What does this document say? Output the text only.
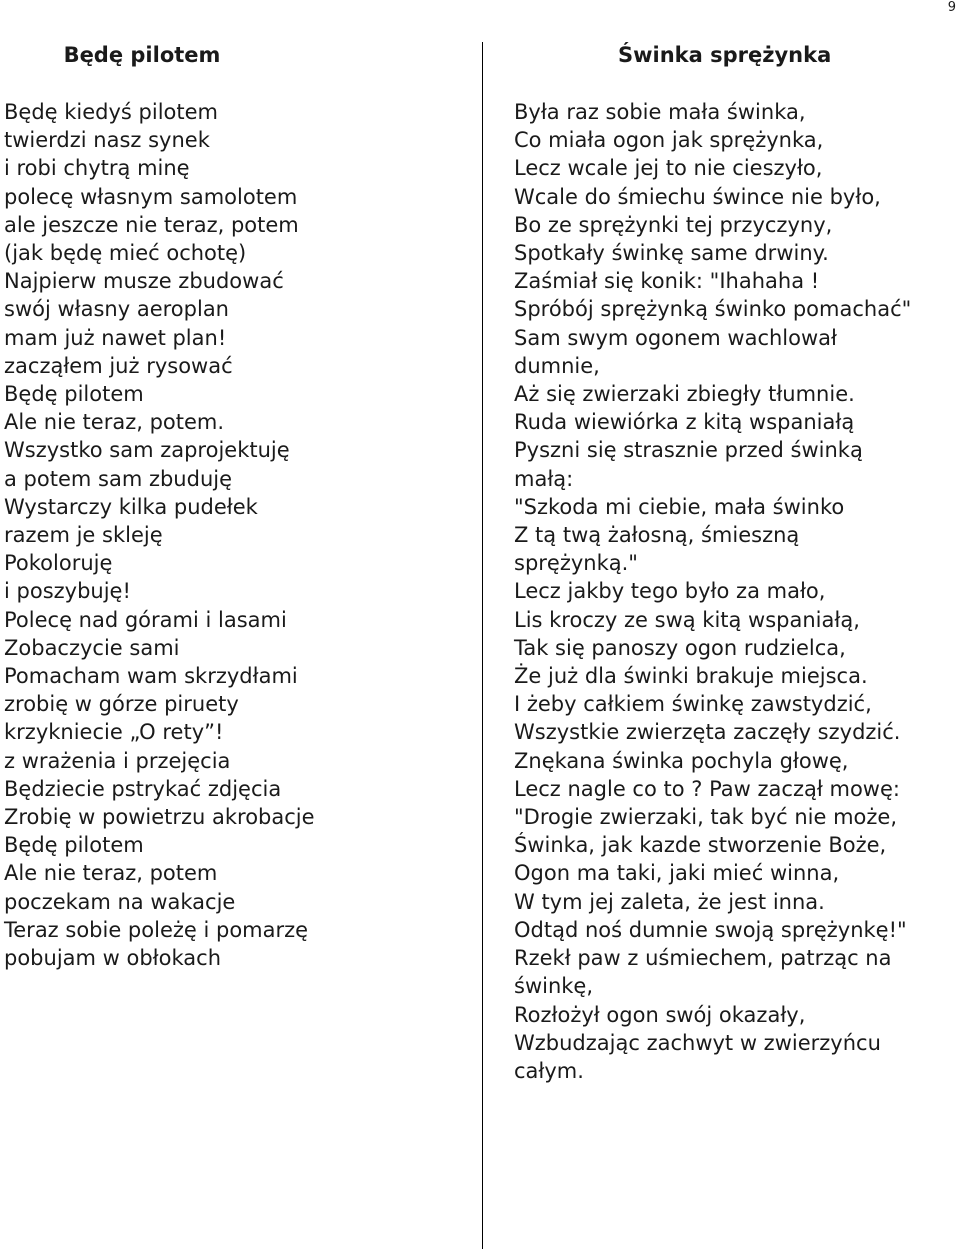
9
Będę pilotem
Będę kiedyś pilotem
twierdzi nasz synek
i robi chytrą minę
polecę własnym samolotem
ale jeszcze nie teraz, potem
(jak będę mieć ochotę)
Najpierw musze zbudować
swój własny aeroplan
mam już nawet plan!
zacząłem już rysować
Będę pilotem
Ale nie teraz, potem.
Wszystko sam zaprojektuję
a potem sam zbuduję
Wystarczy kilka pudełek
razem je skleję
Pokoloruję
i poszybuję!
Polecę nad górami i lasami
Zobaczycie sami
Pomacham wam skrzydłami
zrobię w górze piruety
krzykniecie „O rety”!
z wrażenia i przejęcia
Będziecie pstrykać zdjęcia
Zrobię w powietrzu akrobacje
Będę pilotem
Ale nie teraz, potem
poczekam na wakacje
Teraz sobie poleżę i pomarzę
pobujam w obłokach
Świnka sprężynka
Była raz sobie mała świnka,
Co miała ogon jak sprężynka,
Lecz wcale jej to nie cieszyło,
Wcale do śmiechu śwince nie było,
Bo ze sprężynki tej przyczyny,
Spotkały świnkę same drwiny.
Zaśmiał się konik: "Ihahaha !
Spróbój sprężynką świnko pomachać"
Sam swym ogonem wachlował
dumnie,
Aż się zwierzaki zbiegły tłumnie.
Ruda wiewiórka z kitą wspaniałą
Pyszni się strasznie przed świnką
małą:
"Szkoda mi ciebie, mała świnko
Z tą twą żałosną, śmieszną
sprężynką."
Lecz jakby tego było za mało,
Lis kroczy ze swą kitą wspaniałą,
Tak się panoszy ogon rudzielca,
Że już dla świnki brakuje miejsca.
I żeby całkiem świnkę zawstydzić,
Wszystkie zwierzęta zaczęły szydzić.
Znękana świnka pochyla głowę,
Lecz nagle co to ? Paw zaczął mowę:
"Drogie zwierzaki, tak być nie może,
Świnka, jak kazde stworzenie Boże,
Ogon ma taki, jaki mieć winna,
W tym jej zaleta, że jest inna.
Odtąd noś dumnie swoją sprężynkę!"
Rzekł paw z uśmiechem, patrząc na
świnkę,
Rozłożył ogon swój okazały,
Wzbudzając zachwyt w zwierzyńcu
całym.
